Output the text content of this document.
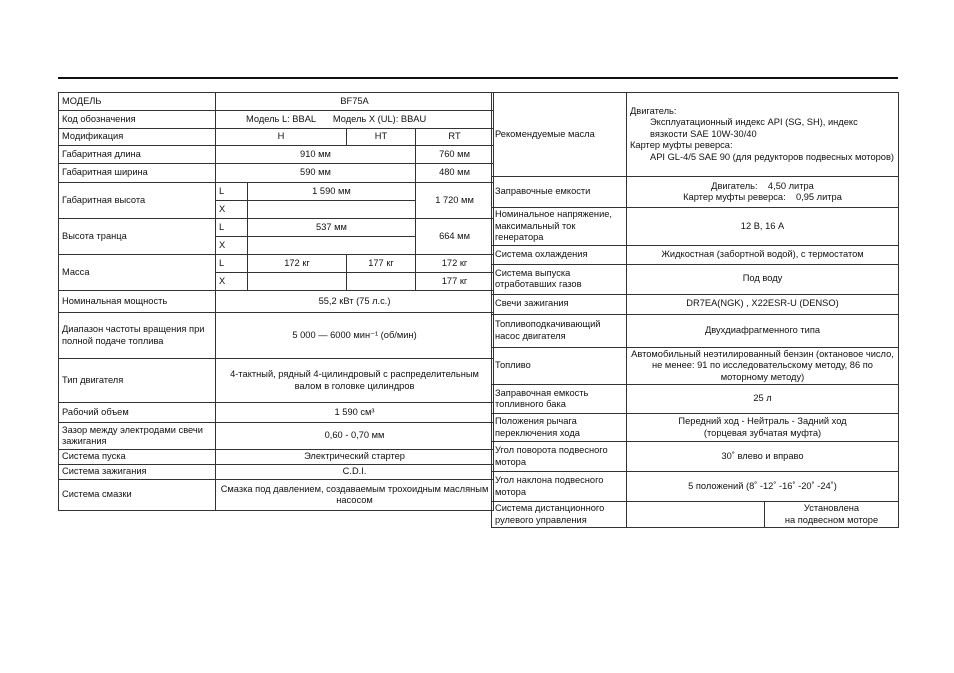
МОДЕЛЬ	BF75A			
Код обозначения	Модель L: BBAL Модель X (UL): BBAU			
Модификация	H		HT	RT
Габаритная длина	910 мм			760 мм
Габаритная ширина	590 мм			480 мм
Габаритная высота	L	1 590 мм		1 720 мм
	X			
Высота транца	L	537 мм		664 мм
	X			
Масса	L	172 кг	177 кг	172 кг
	X			177 кг
Номинальная мощность	55,2 кВт (75 л.с.)			
Диапазон частоты вращения при полной подаче топлива	5 000 — 6000 мин⁻¹ (об/мин)			
Тип двигателя	4-тактный, рядный 4-цилиндровый с распределительным валом в головке цилиндров			
Рабочий объем	1 590 см³			
Зазор между электродами свечи зажигания	0,60 - 0,70 мм			
Система пуска	Электрический стартер			
Система зажигания	C.D.I.			
Система смазки	Смазка под давлением, создаваемым трохоидным масляным насосом			
Рекомендуемые масла	Двигатель:
Эксплуатационный индекс API (SG, SH), индекс вязкости SAE 10W-30/40
Картер муфты реверса:
API GL-4/5 SAE 90 (для редукторов подвесных моторов)	

Заправочные емкости	Двигатель:    4,50 литра
Картер муфты реверса:    0,95 литра	

Номинальное напряжение, максимальный ток генератора	12 В, 16 А	
Система охлаждения	Жидкостная (забортной водой), с термостатом	
Система выпуска отработавших газов	Под воду	
Свечи зажигания	DR7EA(NGK) , X22ESR-U (DENSO)	
Топливоподкачивающий насос двигателя	Двухдиафрагменного типа	
Топливо	Автомобильный неэтилированный бензин (октановое число, не менее: 91 по исследовательскому методу, 86 по моторному методу)	
Заправочная емкость топливного бака	25 л	
Положения рычага переключения хода	Передний ход - Нейтраль - Задний ход
(торцевая зубчатая муфта)	

Угол поворота подвесного мотора	30˚ влево и вправо	
Угол наклона подвесного мотора	5 положений (8˚ -12˚ -16˚ -20˚ -24˚)	
Система дистанционного рулевого управления		Установлена
на подвесном моторе
